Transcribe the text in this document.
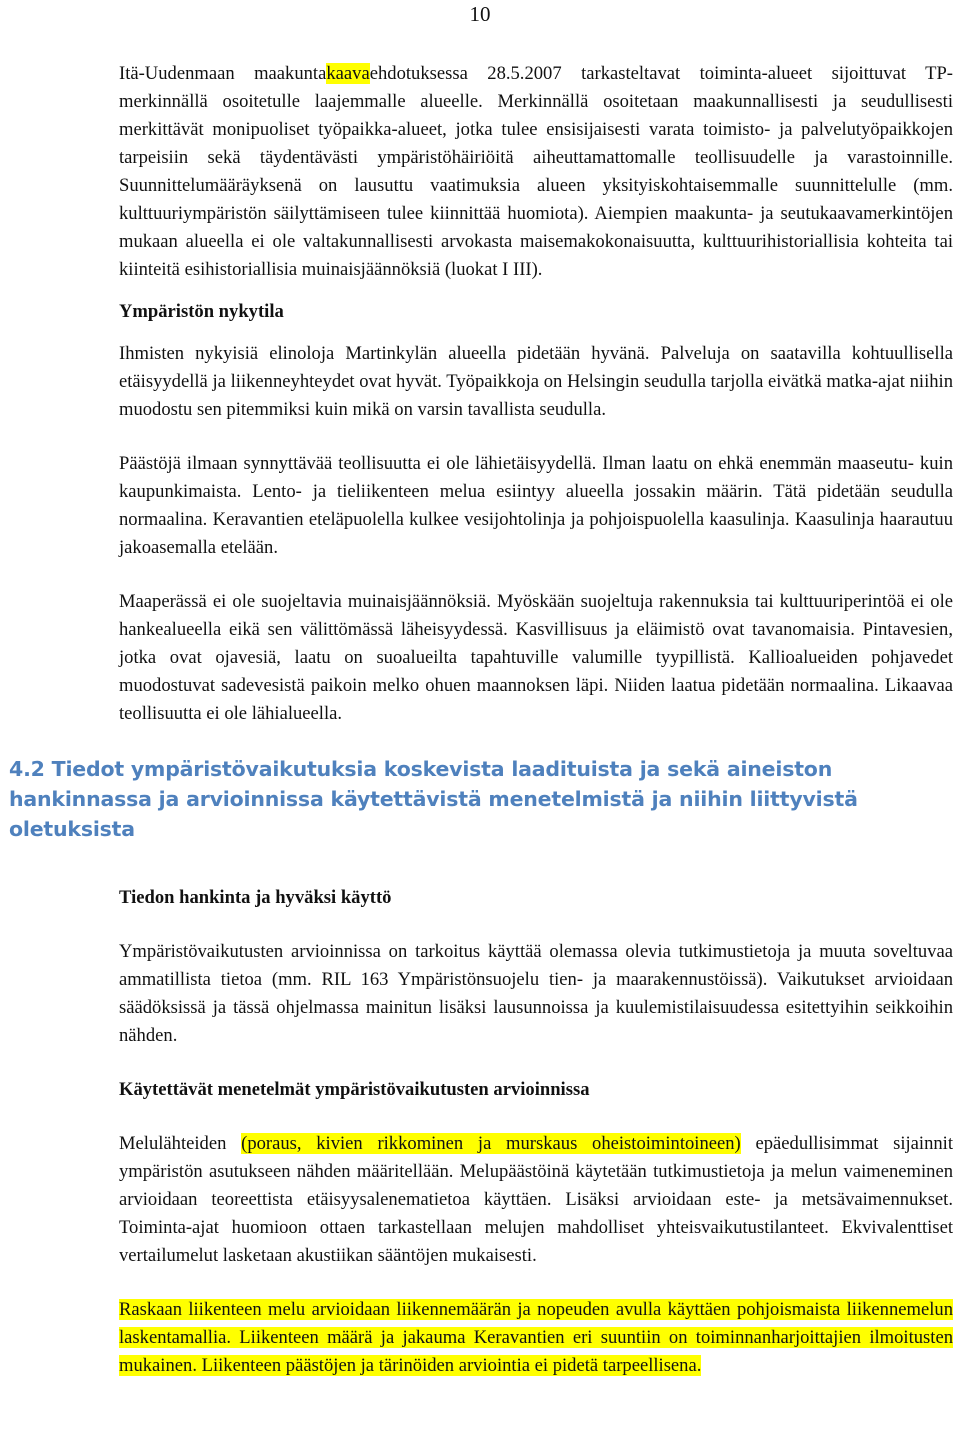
10

Itä-Uudenmaan maakuntakaavaehdotuksessa 28.5.2007 tarkasteltavat toiminta-alueet sijoittuvat TP-merkinnällä osoitetulle laajemmalle alueelle. Merkinnällä osoitetaan maakunnallisesti ja seudullisesti merkittävät monipuoliset työpaikka-alueet, jotka tulee ensisijaisesti varata toimisto- ja palvelutyöpaikkojen tarpeisiin sekä täydentävästi ympäristöhäiriöitä aiheuttamattomalle teollisuudelle ja varastoinnille. Suunnittelumääräyksenä on lausuttu vaatimuksia alueen yksityiskohtaisemmalle suunnittelulle (mm. kulttuuriympäristön säilyttämiseen tulee kiinnittää huomiota). Aiempien maakunta- ja seutukaavamerkintöjen mukaan alueella ei ole valtakunnallisesti arvokasta maisemakokonaisuutta, kulttuurihistoriallisia kohteita tai kiinteitä esihistoriallisia muinaisjäännöksiä (luokat I III).

Ympäristön nykytila

Ihmisten nykyisiä elinoloja Martinkylän alueella pidetään hyvänä. Palveluja on saatavilla kohtuullisella etäisyydellä ja liikenneyhteydet ovat hyvät. Työpaikkoja on Helsingin seudulla tarjolla eivätkä matka-ajat niihin muodostu sen pitemmiksi kuin mikä on varsin tavallista seudulla.

Päästöjä ilmaan synnyttävää teollisuutta ei ole lähietäisyydellä. Ilman laatu on ehkä enemmän maaseutu- kuin kaupunkimaista. Lento- ja tieliikenteen melua esiintyy alueella jossakin määrin. Tätä pidetään seudulla normaalina. Keravantien eteläpuolella kulkee vesijohtolinja ja pohjoispuolella kaasulinja. Kaasulinja haarautuu jakoasemalla etelään.

Maaperässä ei ole suojeltavia muinaisjäännöksiä. Myöskään suojeltuja rakennuksia tai kulttuuriperintöä ei ole hankealueella eikä sen välittömässä läheisyydessä. Kasvillisuus ja eläimistö ovat tavanomaisia. Pintavesien, jotka ovat ojavesiä, laatu on suoalueilta tapahtuville valumille tyypillistä. Kallioalueiden pohjavedet muodostuvat sadevesistä paikoin melko ohuen maannoksen läpi. Niiden laatua pidetään normaalina. Likaavaa teollisuutta ei ole lähialueella.

4.2 Tiedot ympäristövaikutuksia koskevista laadituista ja sekä aineiston hankinnassa ja arvioinnissa käytettävistä menetelmistä ja niihin liittyvistä oletuksista
Tiedon hankinta ja hyväksi käyttö

Ympäristövaikutusten arvioinnissa on tarkoitus käyttää olemassa olevia tutkimustietoja ja muuta soveltuvaa ammatillista tietoa (mm. RIL 163 Ympäristönsuojelu tien- ja maarakennustöissä). Vaikutukset arvioidaan säädöksissä ja tässä ohjelmassa mainitun lisäksi lausunnoissa ja kuulemistilaisuudessa esitettyihin seikkoihin nähden.

Käytettävät menetelmät ympäristövaikutusten arvioinnissa

Melulähteiden (poraus, kivien rikkominen ja murskaus oheistoimintoineen) epäedullisimmat sijainnit ympäristön asutukseen nähden määritellään. Melupäästöinä käytetään tutkimustietoja ja melun vaimeneminen arvioidaan teoreettista etäisyysalenematietoa käyttäen. Lisäksi arvioidaan este- ja metsävaimennukset. Toiminta-ajat huomioon ottaen tarkastellaan melujen mahdolliset yhteisvaikutustilanteet. Ekvivalenttiset vertailumelut lasketaan akustiikan sääntöjen mukaisesti.

Raskaan liikenteen melu arvioidaan liikennemäärän ja nopeuden avulla käyttäen pohjoismaista liikennemelun laskentamallia. Liikenteen määrä ja jakauma Keravantien eri suuntiin on toiminnanharjoittajien ilmoitusten mukainen. Liikenteen päästöjen ja tärinöiden arviointia ei pidetä tarpeellisena.
